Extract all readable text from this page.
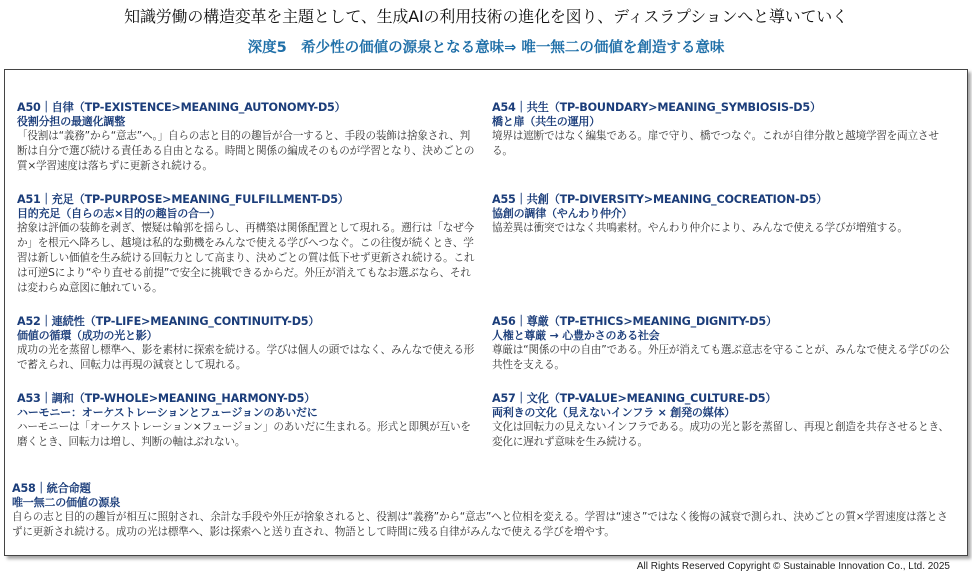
知識労働の構造変革を主題として、生成AIの利用技術の進化を図り、ディスラプションへと導いていく
深度5　希少性の価値の源泉となる意味⇒ 唯一無二の価値を創造する意味
A50｜自律（TP-EXISTENCE>MEANING_AUTONOMY-D5）
役割分担の最適化調整
「役割は“義務”から“意志”へ。」自らの志と目的の趣旨が合一すると、手段の装飾は捨象され、判断は自分で選び続ける責任ある自由となる。時間と関係の編成そのものが学習となり、決めごとの質×学習速度は落ちずに更新され続ける。
A51｜充足（TP-PURPOSE>MEANING_FULFILLMENT-D5）
目的充足（自らの志×目的の趣旨の合一）
捨象は評価の装飾を剥ぎ、懐疑は輪郭を揺らし、再構築は関係配置として現れる。遡行は「なぜ今か」を根元へ降ろし、越境は私的な動機をみんなで使える学びへつなぐ。この往復が続くとき、学習は新しい価値を生み続ける回転力として高まり、決めごとの質は低下せず更新され続ける。これは可逆Sにより“やり直せる前提”で安全に挑戦できるからだ。外圧が消えてもなお選ぶなら、それは変わらぬ意図に触れている。
A52｜連続性（TP-LIFE>MEANING_CONTINUITY-D5）
価値の循環（成功の光と影）
成功の光を蒸留し標準へ、影を素材に探索を続ける。学びは個人の頭ではなく、みんなで使える形で蓄えられ、回転力は再現の減衰として現れる。
A53｜調和（TP-WHOLE>MEANING_HARMONY-D5）
ハーモニー：オーケストレーションとフュージョンのあいだに
ハーモニーは「オーケストレーション×フュージョン」のあいだに生まれる。形式と即興が互いを磨くとき、回転力は増し、判断の軸はぶれない。
A54｜共生（TP-BOUNDARY>MEANING_SYMBIOSIS-D5）
橋と扉（共生の運用）
境界は遮断ではなく編集である。扉で守り、橋でつなぐ。これが自律分散と越境学習を両立させる。
A55｜共創（TP-DIVERSITY>MEANING_COCREATION-D5）
協創の調律（やんわり仲介）
協差異は衝突ではなく共鳴素材。やんわり仲介により、みんなで使える学びが増殖する。
A56｜尊厳（TP-ETHICS>MEANING_DIGNITY-D5）
人権と尊厳 → 心豊かさのある社会
尊厳は“関係の中の自由”である。外圧が消えても選ぶ意志を守ることが、みんなで使える学びの公共性を支える。
A57｜文化（TP-VALUE>MEANING_CULTURE-D5）
両利きの文化（見えないインフラ × 創発の媒体）
文化は回転力の見えないインフラである。成功の光と影を蒸留し、再現と創造を共存させるとき、変化に遅れず意味を生み続ける。
A58｜統合命題
唯一無二の価値の源泉
自らの志と目的の趣旨が相互に照射され、余計な手段や外圧が捨象されると、役割は“義務”から“意志”へと位相を変える。学習は“速さ”ではなく後悔の減衰で測られ、決めごとの質×学習速度は落とさずに更新され続ける。成功の光は標準へ、影は探索へと送り直され、物語として時間に残る自律がみんなで使える学びを増やす。
All Rights Reserved Copyright © Sustainable Innovation Co., Ltd. 2025
